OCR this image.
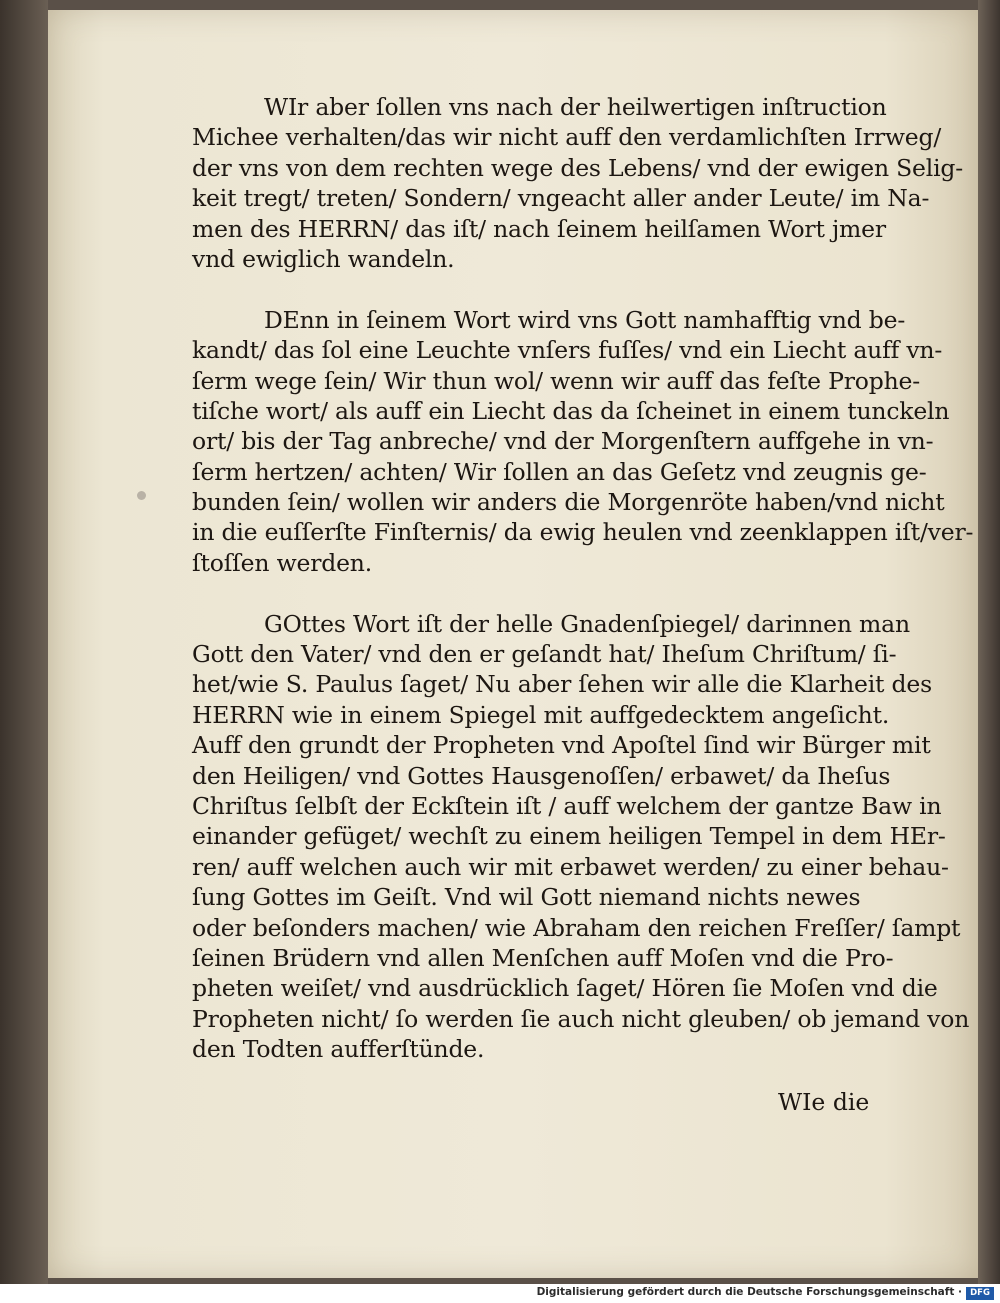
WIr aber ſollen vns nach der heilwertigen inſtruction
Michee verhalten/das wir nicht auff den verdamlichſten Irrweg/
der vns von dem rechten wege des Lebens/ vnd der ewigen Selig-
keit tregt/ treten/ Sondern/ vngeacht aller ander Leute/ im Na-
men des HERRN/ das iſt/ nach ſeinem heilſamen Wort jmer
vnd ewiglich wandeln.
DEnn in ſeinem Wort wird vns Gott namhafftig vnd be-
kandt/ das ſol eine Leuchte vnſers fuſſes/ vnd ein Liecht auff vn-
ſerm wege ſein/ Wir thun wol/ wenn wir auff das feſte Prophe-
tiſche wort/ als auff ein Liecht das da ſcheinet in einem tunckeln
ort/ bis der Tag anbreche/ vnd der Morgenſtern auffgehe in vn-
ſerm hertzen/ achten/ Wir ſollen an das Geſetz vnd zeugnis ge-
bunden ſein/ wollen wir anders die Morgenröte haben/vnd nicht
in die euſſerſte Finſternis/ da ewig heulen vnd zeenklappen iſt/ver-
ſtoſſen werden.
GOttes Wort iſt der helle Gnadenſpiegel/ darinnen man
Gott den Vater/ vnd den er geſandt hat/ Iheſum Chriſtum/ ſi-
het/wie S. Paulus ſaget/ Nu aber ſehen wir alle die Klarheit des
HERRN wie in einem Spiegel mit auffgedecktem angeſicht.
Auff den grundt der Propheten vnd Apoſtel ſind wir Bürger mit
den Heiligen/ vnd Gottes Hausgenoſſen/ erbawet/ da Iheſus
Chriſtus ſelbſt der Eckſtein iſt / auff welchem der gantze Baw in
einander gefüget/ wechſt zu einem heiligen Tempel in dem HEr-
ren/ auff welchen auch wir mit erbawet werden/ zu einer behau-
ſung Gottes im Geiſt. Vnd wil Gott niemand nichts newes
oder beſonders machen/ wie Abraham den reichen Freſſer/ ſampt
ſeinen Brüdern vnd allen Menſchen auff Moſen vnd die Pro-
pheten weiſet/ vnd ausdrücklich ſaget/ Hören ſie Moſen vnd die
Propheten nicht/ ſo werden ſie auch nicht gleuben/ ob jemand von
den Todten aufferſtünde.
WIe die
Digitalisierung gefördert durch die Deutsche Forschungsgemeinschaft · DFG
